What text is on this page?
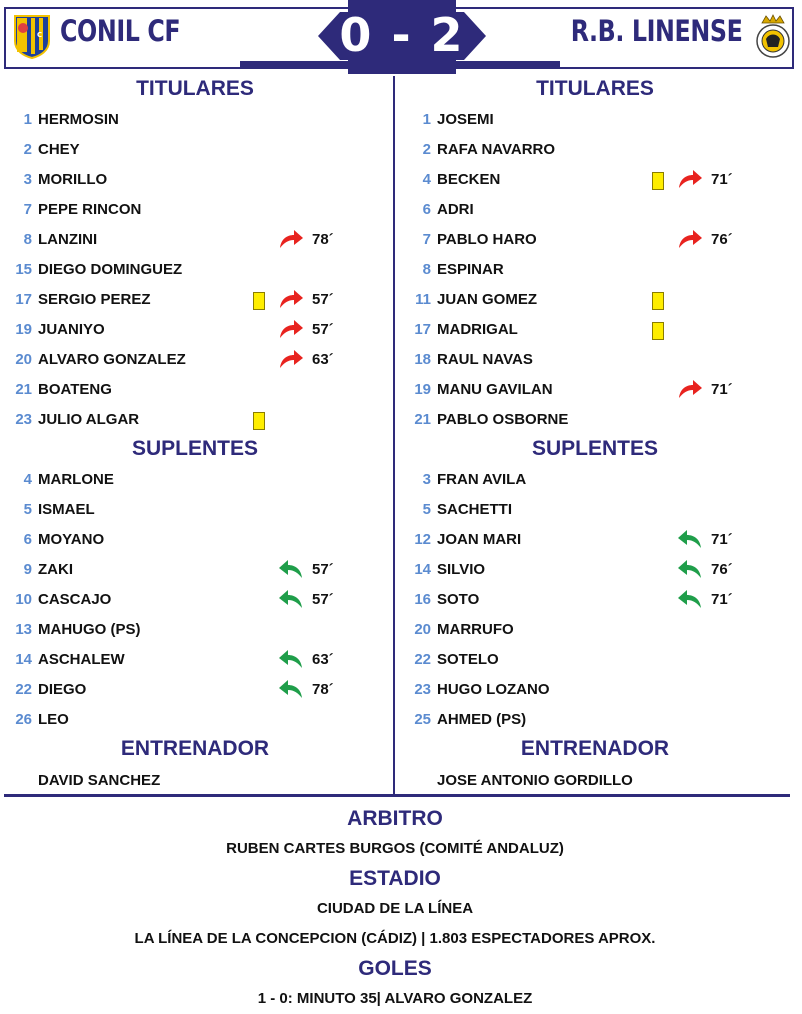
C CONIL CF	0 - 2	R.B. LINENSE
TITULARES	TITULARES
SUPLENTES	SUPLENTES
ENTRENADOR	ENTRENADOR
DAVID SANCHEZ	JOSE ANTONIO GORDILLO
1 HERMOSIN
2 CHEY
3 MORILLO
7 PEPE RINCON
8 LANZINI	78´
15 DIEGO DOMINGUEZ
17 SERGIO PEREZ	57´
19 JUANIYO	57´
20 ALVARO GONZALEZ	63´
21 BOATENG
23 JULIO ALGAR
1 JOSEMI
2 RAFA NAVARRO
4 BECKEN	71´
6 ADRI
7 PABLO HARO	76´
8 ESPINAR
11 JUAN GOMEZ
17 MADRIGAL
18 RAUL NAVAS
19 MANU GAVILAN	71´
21 PABLO OSBORNE
4 MARLONE
5 ISMAEL
6 MOYANO
9 ZAKI	57´
10 CASCAJO	57´
13 MAHUGO (PS)
14 ASCHALEW	63´
22 DIEGO	78´
26 LEO
3 FRAN AVILA
5 SACHETTI
12 JOAN MARI	71´
14 SILVIO	76´
16 SOTO	71´
20 MARRUFO
22 SOTELO
23 HUGO LOZANO
25 AHMED (PS)
ARBITRO
RUBEN CARTES BURGOS (COMITÉ ANDALUZ)
ESTADIO
CIUDAD DE LA LÍNEA
LA LÍNEA DE LA CONCEPCION (CÁDIZ) | 1.803 ESPECTADORES APROX.
GOLES
1 - 0: MINUTO 35| ALVARO GONZALEZ
